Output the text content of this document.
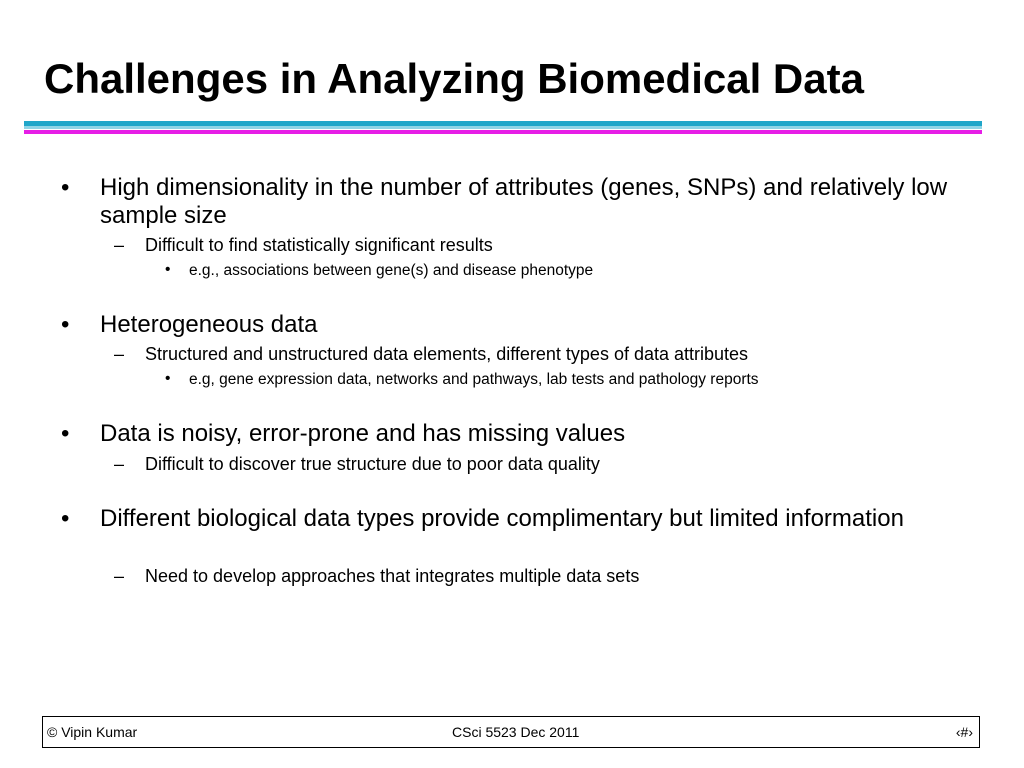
Challenges in Analyzing Biomedical Data
• High dimensionality in the number of attributes (genes, SNPs) and relatively low sample size
– Difficult to find statistically significant results
• e.g., associations between gene(s) and disease phenotype
• Heterogeneous data
– Structured and unstructured data elements, different types of data attributes
• e.g, gene expression data, networks and pathways, lab tests and pathology reports
• Data is noisy, error-prone and has missing values
– Difficult to discover true structure due to poor data quality
• Different biological data types provide complimentary but limited information
– Need to develop approaches that integrates multiple data sets
© Vipin Kumar	CSci 5523 Dec 2011	‹#›
